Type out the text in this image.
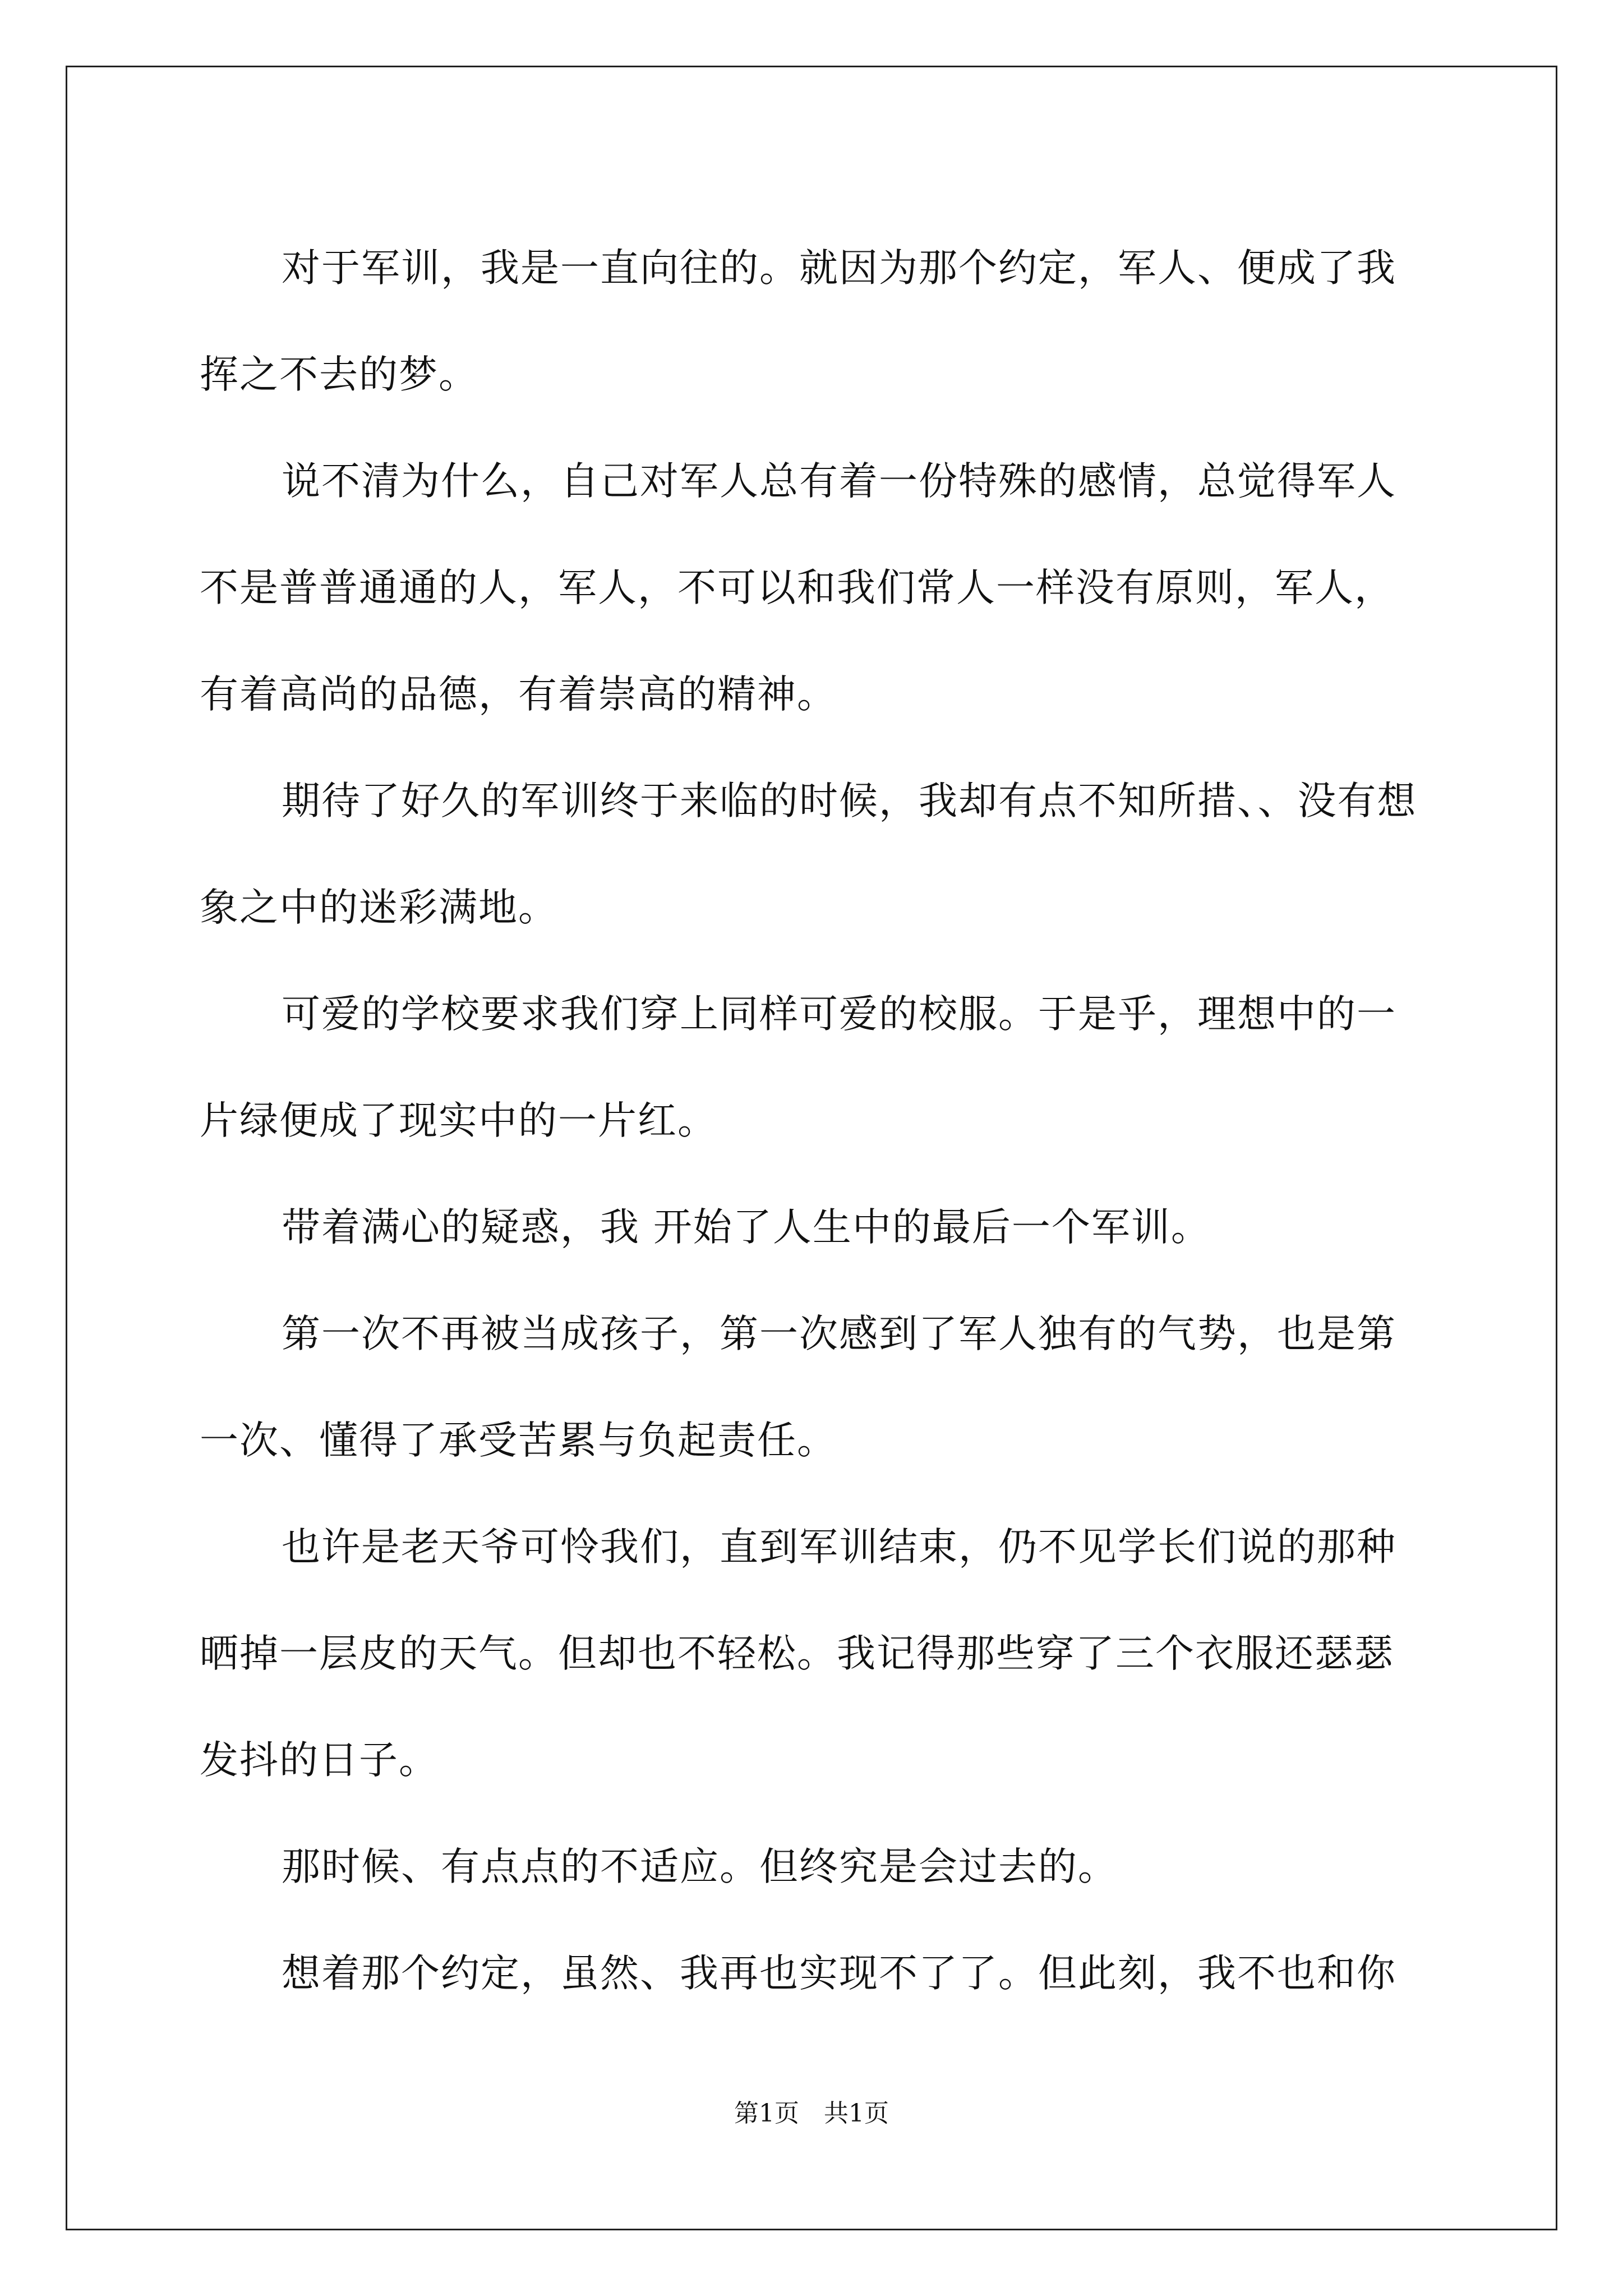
对于军训，我是一直向往的。就因为那个约定，军人、便成了我挥之不去的梦。

说不清为什么，自己对军人总有着一份特殊的感情，总觉得军人不是普普通通的人，军人，不可以和我们常人一样没有原则，军人，有着高尚的品德，有着崇高的精神。

期待了好久的军训终于来临的时候，我却有点不知所措、、没有想象之中的迷彩满地。

可爱的学校要求我们穿上同样可爱的校服。于是乎，理想中的一片绿便成了现实中的一片红。

带着满心的疑惑，我 开始了人生中的最后一个军训。

第一次不再被当成孩子，第一次感到了军人独有的气势，也是第一次、懂得了承受苦累与负起责任。

也许是老天爷可怜我们，直到军训结束，仍不见学长们说的那种晒掉一层皮的天气。但却也不轻松。我记得那些穿了三个衣服还瑟瑟发抖的日子。

那时候、有点点的不适应。但终究是会过去的。

想着那个约定，虽然、我再也实现不了了。但此刻，我不也和你

第1页　共1页
